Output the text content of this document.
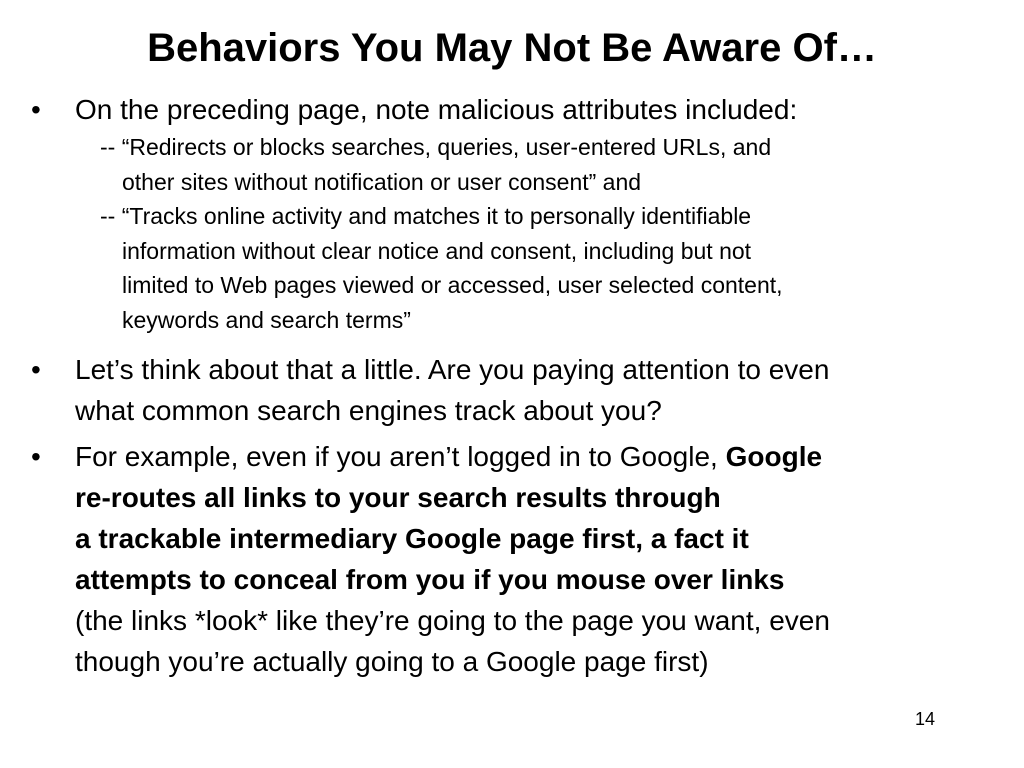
Behaviors You May Not Be Aware Of…
• On the preceding page, note malicious attributes included:
-- “Redirects or blocks searches, queries, user-entered URLs, and
other sites without notification or user consent” and
-- “Tracks online activity and matches it to personally identifiable
information without clear notice and consent, including but not
limited to Web pages viewed or accessed, user selected content,
keywords and search terms”
• Let’s think about that a little. Are you paying attention to even
what common search engines track about you?
• For example, even if you aren’t logged in to Google, Google
re-routes all links to your search results through
a trackable intermediary Google page first, a fact it
attempts to conceal from you if you mouse over links
(the links *look* like they’re going to the page you want, even
though you’re actually going to a Google page first)
14
